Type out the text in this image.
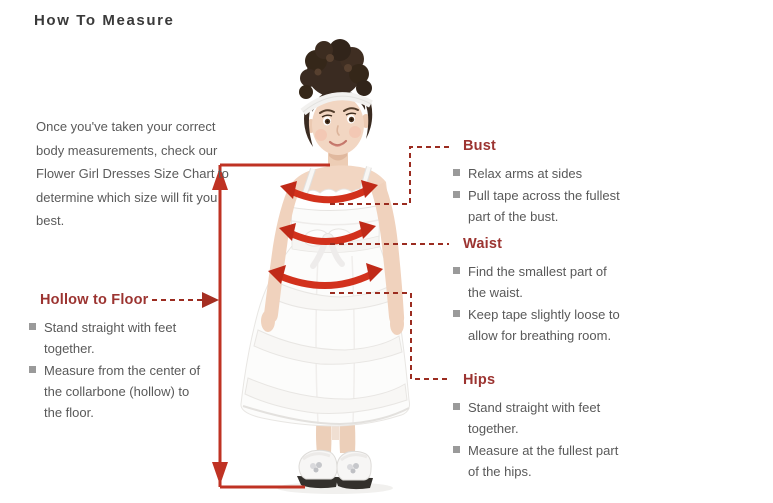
How To Measure

Once you've taken your correct body measurements, check our Flower Girl Dresses Size Chart to determine which size will fit you best.

Hollow to Floor
Stand straight with feet together.
Measure from the center of the collarbone (hollow) to the floor.
Bust
Relax arms at sides
Pull tape across the fullest part of the bust.
Waist
Find the smallest part of the waist.
Keep tape slightly loose to allow for breathing room.
Hips
Stand straight with feet together.
Measure at the fullest part of the hips.
